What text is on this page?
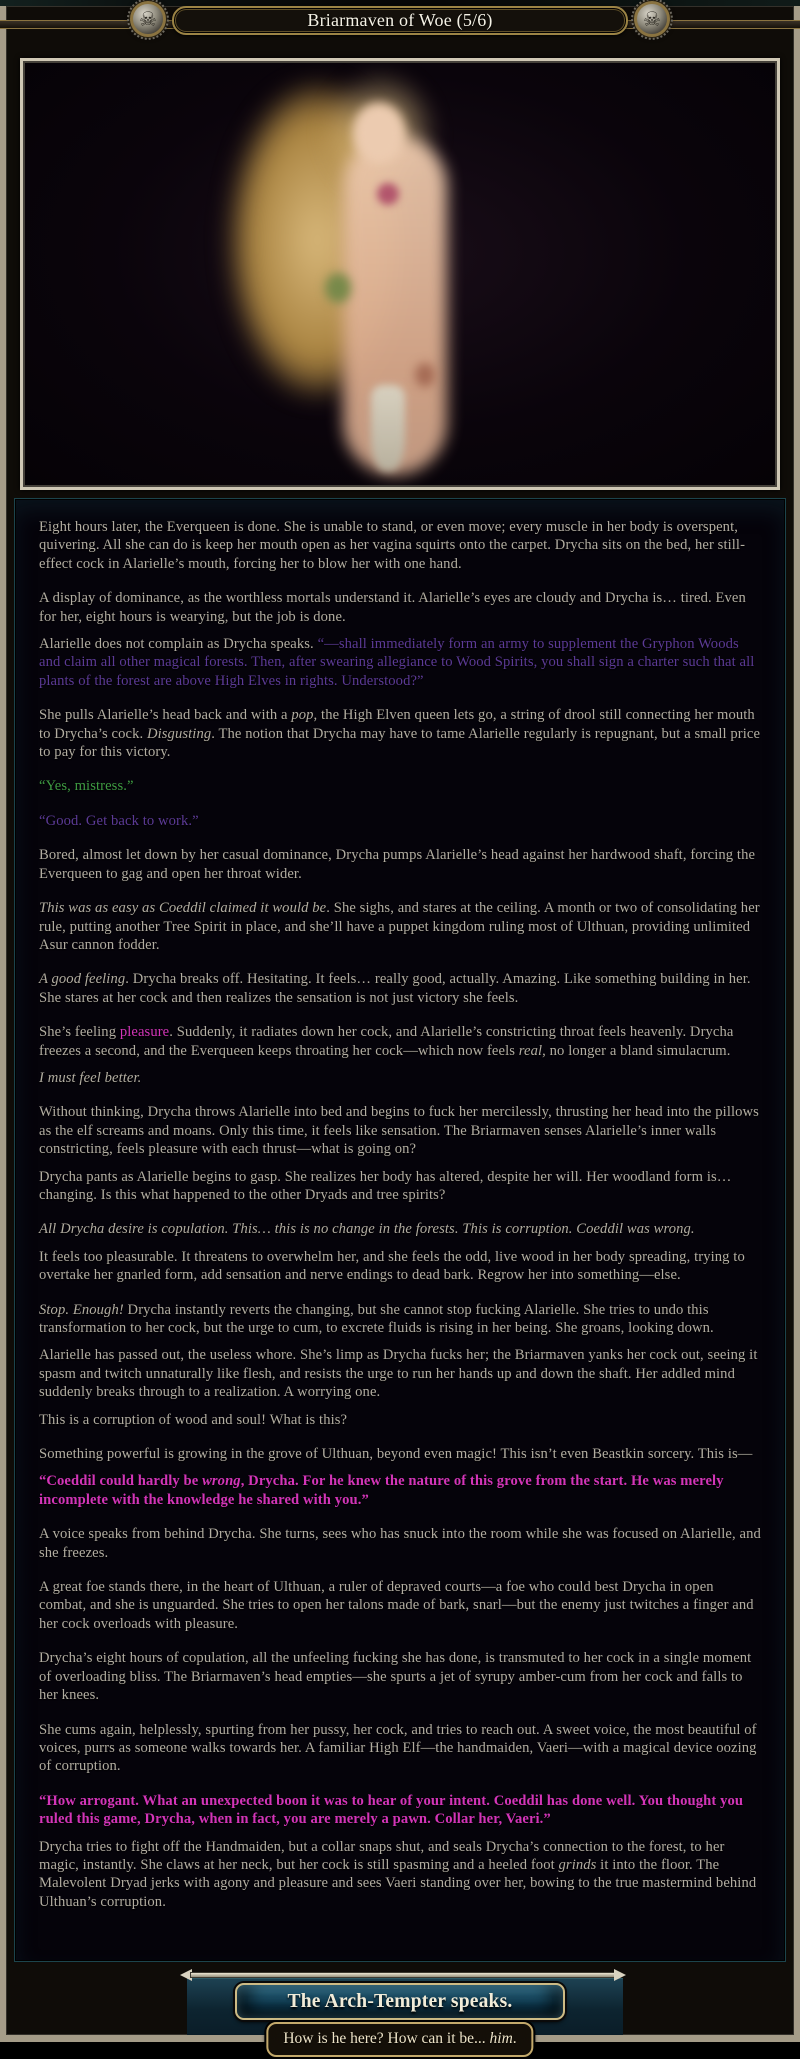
☠	☠
Briarmaven of Woe (5/6)

Eight hours later, the Everqueen is done. She is unable to stand, or even move; every muscle in her body is overspent, quivering. All she can do is keep her mouth open as her vagina squirts onto the carpet. Drycha sits on the bed, her still-effect cock in Alarielle’s mouth, forcing her to blow her with one hand.

A display of dominance, as the worthless mortals understand it. Alarielle’s eyes are cloudy and Drycha is… tired. Even for her, eight hours is wearying, but the job is done.

Alarielle does not complain as Drycha speaks. “—shall immediately form an army to supplement the Gryphon Woods and claim all other magical forests. Then, after swearing allegiance to Wood Spirits, you shall sign a charter such that all plants of the forest are above High Elves in rights. Understood?”

She pulls Alarielle’s head back and with a pop, the High Elven queen lets go, a string of drool still connecting her mouth to Drycha’s cock. Disgusting. The notion that Drycha may have to tame Alarielle regularly is repugnant, but a small price to pay for this victory.

“Yes, mistress.”

“Good. Get back to work.”

Bored, almost let down by her casual dominance, Drycha pumps Alarielle’s head against her hardwood shaft, forcing the Everqueen to gag and open her throat wider.

This was as easy as Coeddil claimed it would be. She sighs, and stares at the ceiling. A month or two of consolidating her rule, putting another Tree Spirit in place, and she’ll have a puppet kingdom ruling most of Ulthuan, providing unlimited Asur cannon fodder.

A good feeling. Drycha breaks off. Hesitating. It feels… really good, actually. Amazing. Like something building in her. She stares at her cock and then realizes the sensation is not just victory she feels.

She’s feeling pleasure. Suddenly, it radiates down her cock, and Alarielle’s constricting throat feels heavenly. Drycha freezes a second, and the Everqueen keeps throating her cock—which now feels real, no longer a bland simulacrum.

I must feel better.

Without thinking, Drycha throws Alarielle into bed and begins to fuck her mercilessly, thrusting her head into the pillows as the elf screams and moans. Only this time, it feels like sensation. The Briarmaven senses Alarielle’s inner walls constricting, feels pleasure with each thrust—what is going on?

Drycha pants as Alarielle begins to gasp. She realizes her body has altered, despite her will. Her woodland form is… changing. Is this what happened to the other Dryads and tree spirits?

All Drycha desire is copulation. This… this is no change in the forests. This is corruption. Coeddil was wrong.

It feels too pleasurable. It threatens to overwhelm her, and she feels the odd, live wood in her body spreading, trying to overtake her gnarled form, add sensation and nerve endings to dead bark. Regrow her into something—else.

Stop. Enough! Drycha instantly reverts the changing, but she cannot stop fucking Alarielle. She tries to undo this transformation to her cock, but the urge to cum, to excrete fluids is rising in her being. She groans, looking down.

Alarielle has passed out, the useless whore. She’s limp as Drycha fucks her; the Briarmaven yanks her cock out, seeing it spasm and twitch unnaturally like flesh, and resists the urge to run her hands up and down the shaft. Her addled mind suddenly breaks through to a realization. A worrying one.

This is a corruption of wood and soul! What is this?

Something powerful is growing in the grove of Ulthuan, beyond even magic! This isn’t even Beastkin sorcery. This is—

“Coeddil could hardly be wrong, Drycha. For he knew the nature of this grove from the start. He was merely incomplete with the knowledge he shared with you.”

A voice speaks from behind Drycha. She turns, sees who has snuck into the room while she was focused on Alarielle, and she freezes.

A great foe stands there, in the heart of Ulthuan, a ruler of depraved courts—a foe who could best Drycha in open combat, and she is unguarded. She tries to open her talons made of bark, snarl—but the enemy just twitches a finger and her cock overloads with pleasure.

Drycha’s eight hours of copulation, all the unfeeling fucking she has done, is transmuted to her cock in a single moment of overloading bliss. The Briarmaven’s head empties—she spurts a jet of syrupy amber-cum from her cock and falls to her knees.

She cums again, helplessly, spurting from her pussy, her cock, and tries to reach out. A sweet voice, the most beautiful of voices, purrs as someone walks towards her. A familiar High Elf—the handmaiden, Vaeri—with a magical device oozing of corruption.

“How arrogant. What an unexpected boon it was to hear of your intent. Coeddil has done well. You thought you ruled this game, Drycha, when in fact, you are merely a pawn. Collar her, Vaeri.”

Drycha tries to fight off the Handmaiden, but a collar snaps shut, and seals Drycha’s connection to the forest, to her magic, instantly. She claws at her neck, but her cock is still spasming and a heeled foot grinds it into the floor. The Malevolent Dryad jerks with agony and pleasure and sees Vaeri standing over her, bowing to the true mastermind behind Ulthuan’s corruption.

The Arch-Tempter speaks.
How is he here? How can it be... him.
